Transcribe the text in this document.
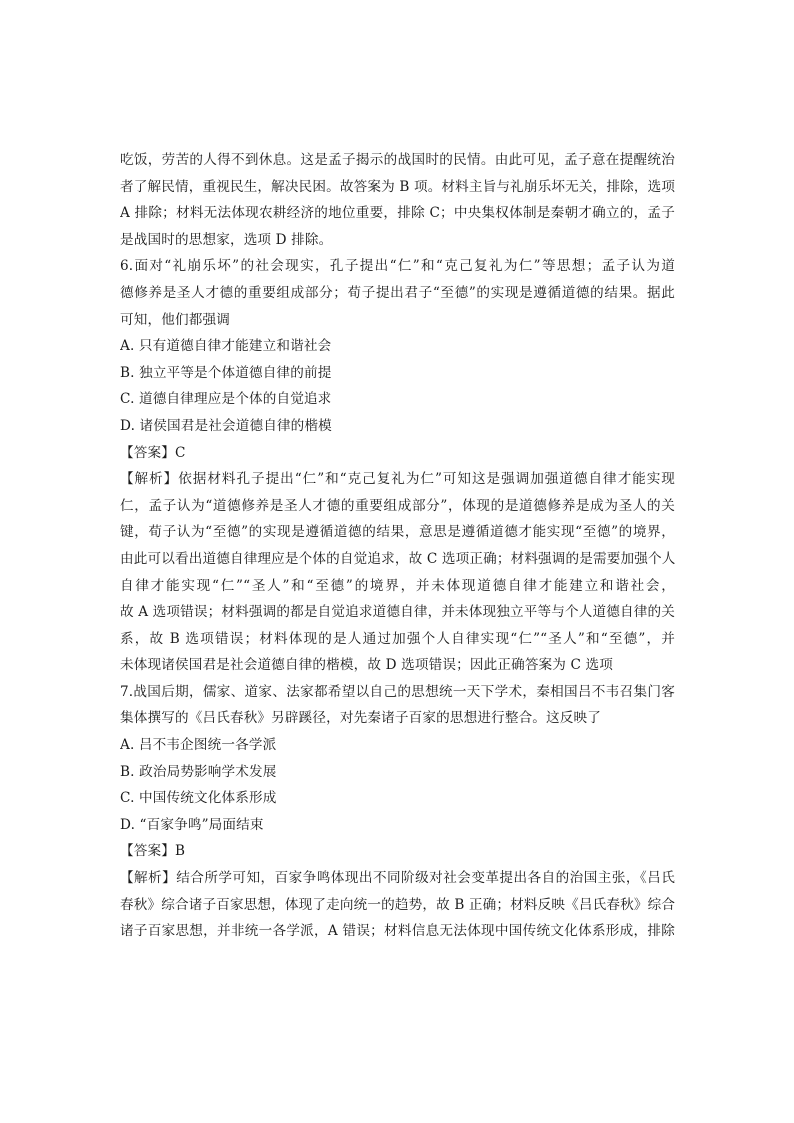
吃饭，劳苦的人得不到休息。这是孟子揭示的战国时的民情。由此可见，孟子意在提醒统治
者了解民情，重视民生，解决民困。故答案为 B 项。材料主旨与礼崩乐坏无关，排除，选项
A 排除；材料无法体现农耕经济的地位重要，排除 C；中央集权体制是秦朝才确立的，孟子
是战国时的思想家，选项 D 排除。
6.面对“礼崩乐坏”的社会现实，孔子提出“仁”和“克己复礼为仁”等思想；孟子认为道
德修养是圣人才德的重要组成部分；荀子提出君子“至德”的实现是遵循道德的结果。据此
可知，他们都强调
A. 只有道德自律才能建立和谐社会
B. 独立平等是个体道德自律的前提
C. 道德自律理应是个体的自觉追求
D. 诸侯国君是社会道德自律的楷模
【答案】C
【解析】依据材料孔子提出“仁”和“克己复礼为仁”可知这是强调加强道德自律才能实现
仁，孟子认为“道德修养是圣人才德的重要组成部分”，体现的是道德修养是成为圣人的关
键，荀子认为“至德”的实现是遵循道德的结果，意思是遵循道德才能实现“至德”的境界，
由此可以看出道德自律理应是个体的自觉追求，故 C 选项正确；材料强调的是需要加强个人
自律才能实现“仁”“圣人”和“至德”的境界，并未体现道德自律才能建立和谐社会，
故 A 选项错误；材料强调的都是自觉追求道德自律，并未体现独立平等与个人道德自律的关
系，故 B 选项错误；材料体现的是人通过加强个人自律实现“仁”“圣人”和“至德”，并
未体现诸侯国君是社会道德自律的楷模，故 D 选项错误；因此正确答案为 C 选项
7.战国后期，儒家、道家、法家都希望以自己的思想统一天下学术，秦相国吕不韦召集门客
集体撰写的《吕氏春秋》另辟蹊径，对先秦诸子百家的思想进行整合。这反映了
A. 吕不韦企图统一各学派
B. 政治局势影响学术发展
C. 中国传统文化体系形成
D. “百家争鸣”局面结束
【答案】B
【解析】结合所学可知，百家争鸣体现出不同阶级对社会变革提出各自的治国主张，《吕氏
春秋》综合诸子百家思想，体现了走向统一的趋势，故 B 正确；材料反映《吕氏春秋》综合
诸子百家思想，并非统一各学派，A 错误；材料信息无法体现中国传统文化体系形成，排除
